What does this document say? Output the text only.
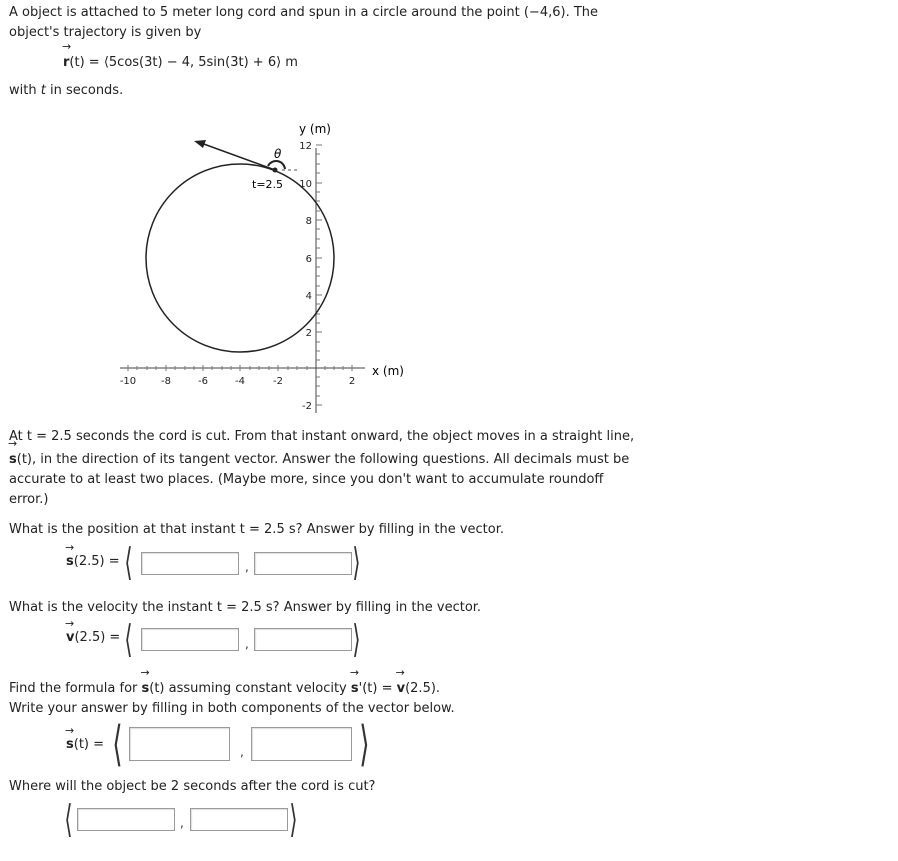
A object is attached to 5 meter long cord and spun in a circle around the point (−4,6). The

object's trajectory is given by

→ r(t) = ⟨5cos(3t) − 4, 5sin(3t) + 6⟩ m

with t in seconds.

y (m)
x (m)
θ
t=2.5
-10 -8	-6	-4	-2	2
12
10
8
6
4
2
-2

At t = 2.5 seconds the cord is cut. From that instant onward, the object moves in a straight line,

→ s(t), in the direction of its tangent vector. Answer the following questions. All decimals must be

accurate to at least two places. (Maybe more, since you don't want to accumulate roundoff

error.)

What is the position at that instant t = 2.5 s? Answer by filling in the vector.

→ s(2.5) = ⟨	,	⟩

What is the velocity the instant t = 2.5 s? Answer by filling in the vector.

→ v(2.5) = ⟨	,	⟩

Find the formula for → s(t) assuming constant velocity → s'(t) = → v(2.5).

Write your answer by filling in both components of the vector below.

→ s(t) = ⟨	, ⟩

Where will the object be 2 seconds after the cord is cut?

⟨	,	⟩
